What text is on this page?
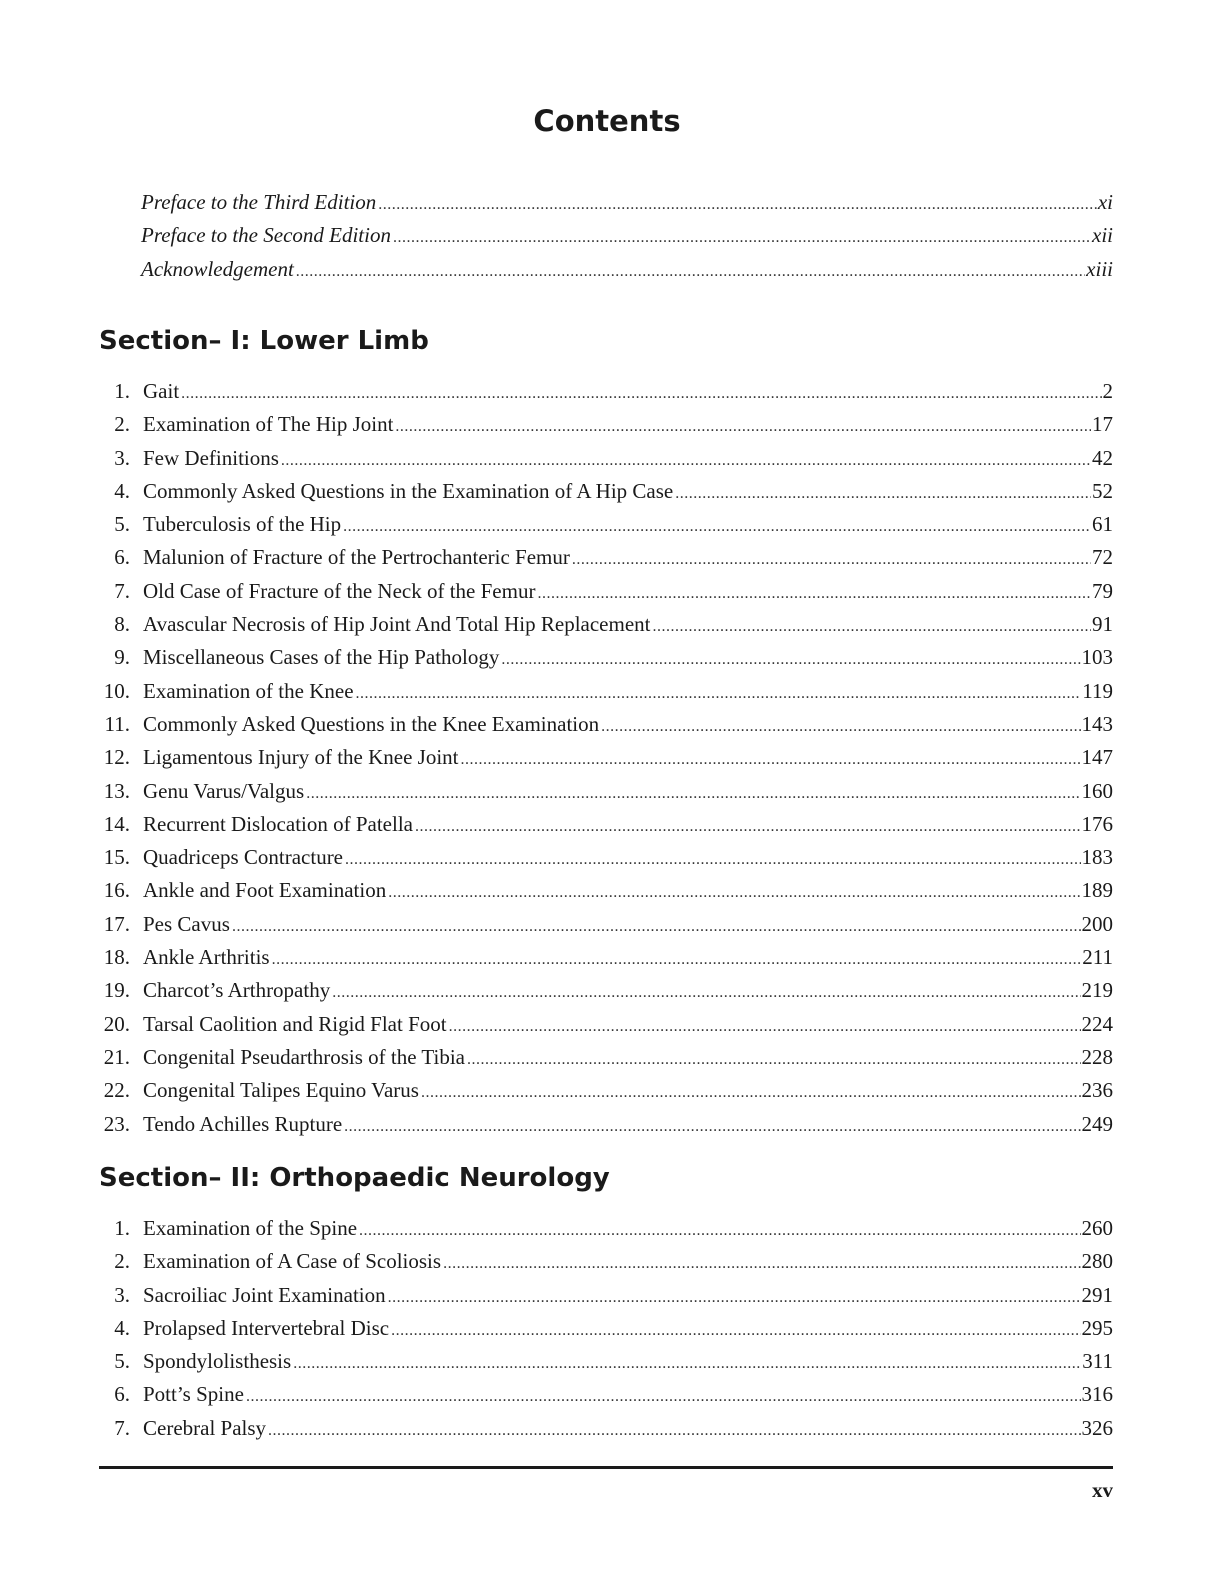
Contents
Preface to the Third Edition .....	xi
Preface to the Second Edition .....	xii
Acknowledgement .....	xiii
Section– I: Lower Limb
1. Gait .....	2
2. Examination of The Hip Joint .....	17
3. Few Definitions .....	42
4. Commonly Asked Questions in the Examination of A Hip Case .....	52
5. Tuberculosis of the Hip .....	61
6. Malunion of Fracture of the Pertrochanteric Femur .....	72
7. Old Case of Fracture of the Neck of the Femur .....	79
8. Avascular Necrosis of Hip Joint And Total Hip Replacement .....	91
9. Miscellaneous Cases of the Hip Pathology .....	103
10. Examination of the Knee .....	119
11. Commonly Asked Questions in the Knee Examination .....	143
12. Ligamentous Injury of the Knee Joint .....	147
13. Genu Varus/Valgus .....	160
14. Recurrent Dislocation of Patella .....	176
15. Quadriceps Contracture .....	183
16. Ankle and Foot Examination .....	189
17. Pes Cavus .....	200
18. Ankle Arthritis .....	211
19. Charcot’s Arthropathy .....	219
20. Tarsal Caolition and Rigid Flat Foot .....	224
21. Congenital Pseudarthrosis of the Tibia .....	228
22. Congenital Talipes Equino Varus .....	236
23. Tendo Achilles Rupture .....	249
Section– II: Orthopaedic Neurology
1. Examination of the Spine .....	260
2. Examination of A Case of Scoliosis .....	280
3. Sacroiliac Joint Examination .....	291
4. Prolapsed Intervertebral Disc .....	295
5. Spondylolisthesis .....	311
6. Pott’s Spine .....	316
7. Cerebral Palsy .....	326
xv
